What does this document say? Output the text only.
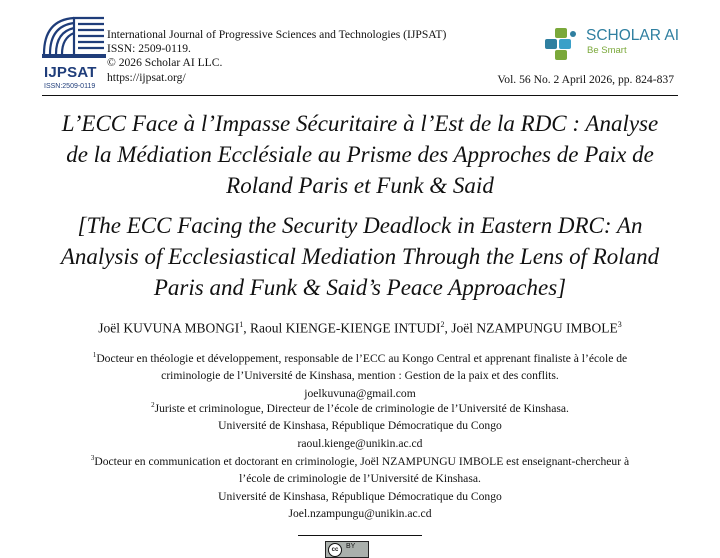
IJPSAT
ISSN:2509-0119
International Journal of Progressive Sciences and Technologies (IJPSAT)
ISSN: 2509-0119.
© 2026 Scholar AI LLC.
https://ijpsat.org/
SCHOLAR AI
Be Smart
Vol. 56 No. 2 April 2026, pp. 824-837
L’ECC Face à l’Impasse Sécuritaire à l’Est de la RDC : Analyse
de la Médiation Ecclésiale au Prisme des Approches de Paix de
Roland Paris et Funk & Said
[The ECC Facing the Security Deadlock in Eastern DRC: An
Analysis of Ecclesiastical Mediation Through the Lens of Roland
Paris and Funk & Said’s Peace Approaches]
Joël KUVUNA MBONGI$^1$, Raoul KIENGE-KIENGE INTUDI$^2$, Joël NZAMPUNGU IMBOLE$^3$
$^1$Docteur en théologie et développement, responsable de l’ECC au Kongo Central et apprenant finaliste à l’école de
criminologie de l’Université de Kinshasa, mention : Gestion de la paix et des conflits.
joelkuvuna@gmail.com
$^2$Juriste et criminologue, Directeur de l’école de criminologie de l’Université de Kinshasa.
Université de Kinshasa, République Démocratique du Congo
raoul.kienge@unikin.ac.cd
$^3$Docteur en communication et doctorant en criminologie, Joël NZAMPUNGU IMBOLE est enseignant-chercheur à
l’école de criminologie de l’Université de Kinshasa.
Université de Kinshasa, République Démocratique du Congo
Joel.nzampungu@unikin.ac.cd
cc	BY
